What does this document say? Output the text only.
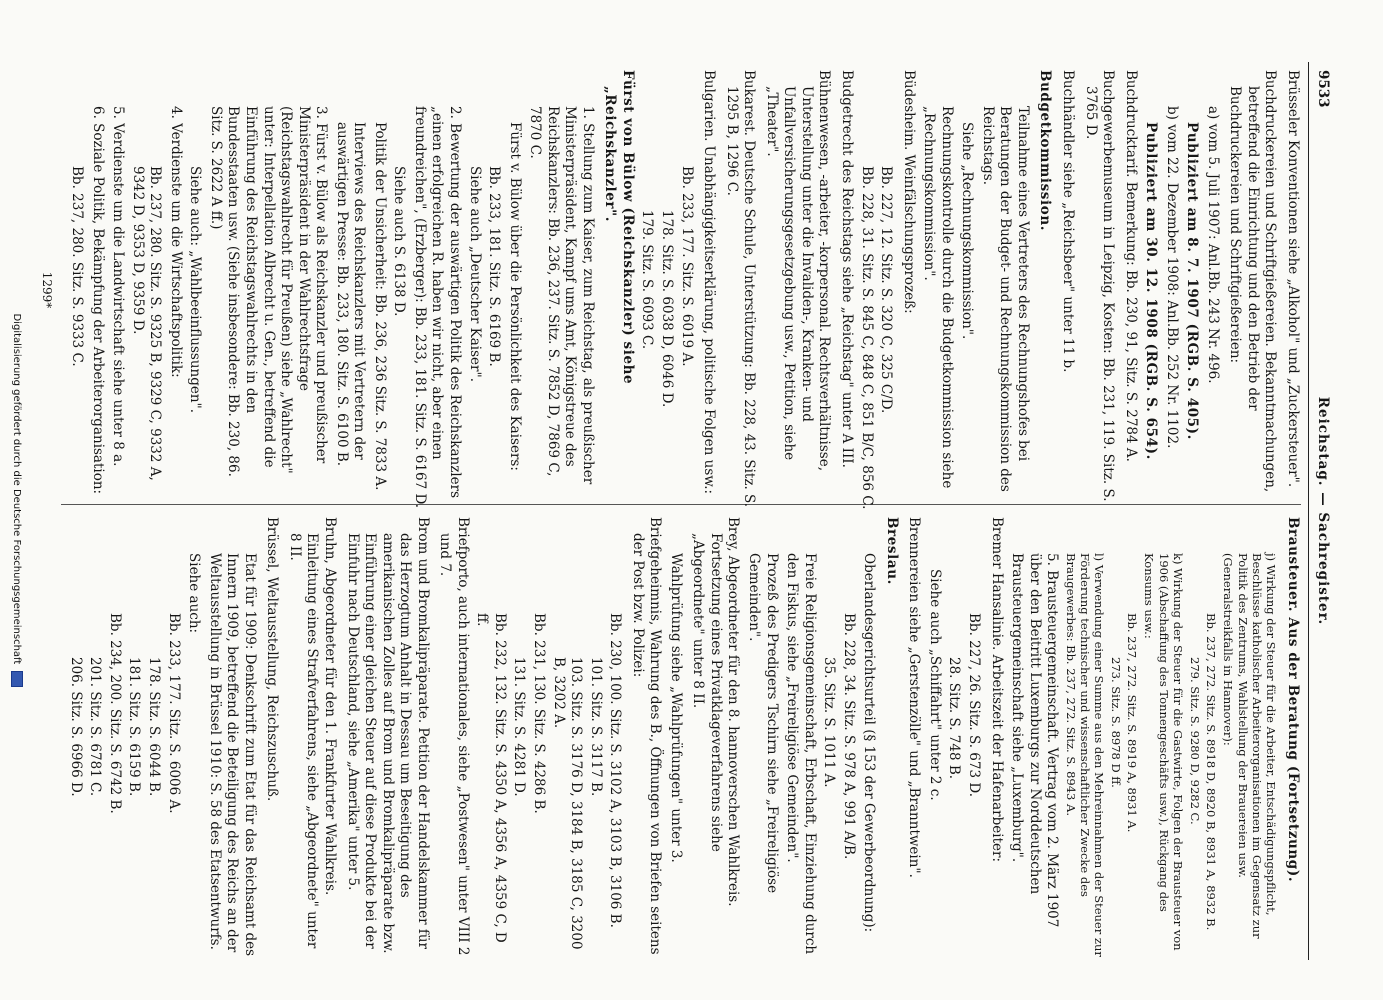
9533
Reichstag. — Sachregister.

Brüsseler Konventionen siehe „Alkohol" und „Zuckersteuer".

Buchdruckereien und Schriftgießereien. Bekanntmachungen, betreffend die Einrichtung und den Betrieb der Buchdruckereien und Schriftgießereien:

a) vom 5. Juli 1907: Anl.Bb. 243 Nr. 496.

Publiziert am 8. 7. 1907 (RGB. S. 405).

b) vom 22. Dezember 1908: Anl.Bb. 252 Nr. 1102.

Publiziert am 30. 12. 1908 (RGB. S. 654).

Buchdrucktarif. Bemerkung: Bb. 230, 91, Sitz. S. 2784 A.

Buchgewerbemuseum in Leipzig, Kosten: Bb. 231, 119. Sitz. S. 3765 D.

Buchhändler siehe „Reichsbeer" unter 11 b.

Budgetkommission.

Teilnahme eines Vertreters des Rechnungshofes bei Beratungen der Budget- und Rechnungskommission des Reichstags.

Siehe „Rechnungskommission".

Rechnungskontrolle durch die Budgetkommission siehe „Rechnungskommission".

Büdesheim. Weinfälschungsprozeß:

Bb. 227, 12. Sitz. S. 320 C, 325 C/D.

Bb. 228, 31. Sitz. S. 845 C, 848 C, 851 B/C, 856 C.

Budgetrecht des Reichstags siehe „Reichstag" unter A III.

Bühnenwesen, -arbeiter, -korpersonal. Rechtsverhältnisse, Unterstellung unter die Invaliden-, Kranken- und Unfallversicherungsgesetzgebung usw., Petition, siehe „Theater".

Bukarest. Deutsche Schule, Unterstützung: Bb. 228, 43. Sitz. S. 1295 B, 1296 C.

Bulgarien. Unabhängigkeitserklärung, politische Folgen usw.:

Bb. 233, 177. Sitz. S. 6019 A.

178. Sitz. S. 6038 D, 6046 D.

179. Sitz. S. 6093 C.

Fürst von Bülow (Reichskanzler) siehe „Reichskanzler".

1. Stellung zum Kaiser, zum Reichstag, als preußischer Ministerpräsident, Kampf ums Amt, Königstreue des Reichskanzlers: Bb. 236, 237. Sitz. S. 7852 D, 7869 C, 7870 C.

Fürst v. Bülow über die Persönlichkeit des Kaisers:

Bb. 233, 181. Sitz. S. 6169 B.

Siehe auch „Deutscher Kaiser".

2. Bewertung der auswärtigen Politik des Reichskanzlers „einen erfolgreichen R. haben wir nicht, aber einen freundreichen", (Erzberger): Bb. 233, 181. Sitz. S. 6167 D.

Siehe auch S. 6138 D.

Politik der Unsicherheit: Bb. 236, 236 Sitz. S. 7833 A.

Interviews des Reichskanzlers mit Vertretern der auswärtigen Presse: Bb. 233, 180. Sitz. S. 6100 B.

3. Fürst v. Bülow als Reichskanzler und preußischer Ministerpräsident in der Wahlrechtsfrage (Reichstagswahlrecht für Preußen) siehe „Wahlrecht" unter: Interpellation Albrecht u. Gen., betreffend die Einführung des Reichstagswahlrechts in den Bundesstaaten usw. (Siehe insbesondere: Bb. 230, 86. Sitz. S. 2622 A ff.)

Siehe auch: „Wahlbeeinflussungen".

4. Verdienste um die Wirtschaftspolitik:

Bb. 237, 280. Sitz. S. 9325 B, 9329 C, 9332 A, 9342 D, 9353 D, 9359 D.

5. Verdienste um die Landwirtschaft siehe unter 8 a.

6. Soziale Politik, Bekämpfung der Arbeiterorganisation:

Bb. 237, 280. Sitz. S. 9333 C.

1299*

Brausteuer. Aus der Beratung (Fortsetzung).

j) Wirkung der Steuer für die Arbeiter, Entschädigungspflicht, Beschlüsse katholischer Arbeiterorganisationen im Gegensatz zur Politik des Zentrums, Wahlstellung der Brauereien usw. (Generalstreikfalls in Hannover):

Bb. 237, 272. Sitz. S. 8918 D, 8920 B, 8931 A, 8932 B.

279. Sitz. S. 9280 D, 9282 C.

k) Wirkung der Steuer für die Gastwirte, Folgen der Brausteuer von 1906 (Abschaffung des Tonnengeschäfts usw.), Rückgang des Konsums usw.:

Bb. 237, 272. Sitz. S. 8919 A, 8931 A.

273. Sitz. S. 8978 D ff.

l) Verwendung einer Summe aus den Mehreinnahmen der Steuer zur Förderung technischer und wissenschaftlicher Zwecke des Braugewerbes: Bb. 237, 272. Sitz. S. 8943 A.

5. Brausteuergemeinschaft. Vertrag vom 2. März 1907 über den Beitritt Luxemburgs zur Norddeutschen Brausteuergemeinschaft siehe „Luxemburg".

Bremer Hansalinie. Arbeitszeit der Hafenarbeiter:

Bb. 227, 26. Sitz. S. 673 D.

28. Sitz. S. 748 B.

Siehe auch „Schiffahrt" unter 2 c.

Brennereien siehe „Gerstenzölle" und „Branntwein".

Breslau.

Oberlandesgerichtsurteil (§ 153 der Gewerbeordnung):

Bb. 228, 34. Sitz. S. 978 A, 991 A/B.

35. Sitz. S. 1011 A.

Freie Religionsgemeinschaft, Erbschaft, Einziehung durch den Fiskus, siehe „Freireligiöse Gemeinden".

Prozeß des Predigers Tschirn siehe „Freireligiöse Gemeinden".

Brey, Abgeordneter für den 8. hannoverschen Wahlkreis. Fortsetzung eines Privatklageverfahrens siehe „Abgeordnete" unter 8 II.

Wahlprüfung siehe „Wahlprüfungen" unter 3.

Briefgeheimnis, Wahrung des B., Öffnungen von Briefen seitens der Post bzw. Polizei:

Bb. 230, 100. Sitz. S. 3102 A, 3103 B, 3106 B.

101. Sitz. S. 3117 B.

103. Sitz. S. 3176 D, 3184 B, 3185 C, 3200 B, 3202 A.

Bb. 231, 130. Sitz. S. 4286 B.

131. Sitz. S. 4281 D.

Bb. 232, 132. Sitz. S. 4350 A, 4356 A, 4359 C, D ff.

Briefporto, auch internationales, siehe „Postwesen" unter VIII 2 und 7.

Brom und Bromkalipräparate. Petition der Handelskammer für das Herzogtum Anhalt in Dessau um Beseitigung des amerikanischen Zolles auf Brom und Bromkalipräparate bzw. Einführung einer gleichen Steuer auf diese Produkte bei der Einfuhr nach Deutschland, siehe „Amerika" unter 5.

Bruhn, Abgeordneter für den 1. Frankfurter Wahlkreis. Einleitung eines Strafverfahrens, siehe „Abgeordnete" unter 8 II.

Brüssel, Weltausstellung, Reichszuschuß.

Etat für 1909: Denkschrift zum Etat für das Reichsamt des Innern 1909, betreffend die Beteiligung des Reichs an der Weltausstellung in Brüssel 1910: S. 58 des Etatsentwurfs.

Siehe auch:

Bb. 233, 177. Sitz. S. 6006 A.

178. Sitz. S. 6044 B.

181. Sitz. S. 6159 B.

Bb. 234, 200. Sitz. S. 6742 B.

201. Sitz. S. 6781 C.

206. Sitz. S. 6966 D.

Digitalisierung gefördert durch die Deutsche Forschungsgemeinschaft
